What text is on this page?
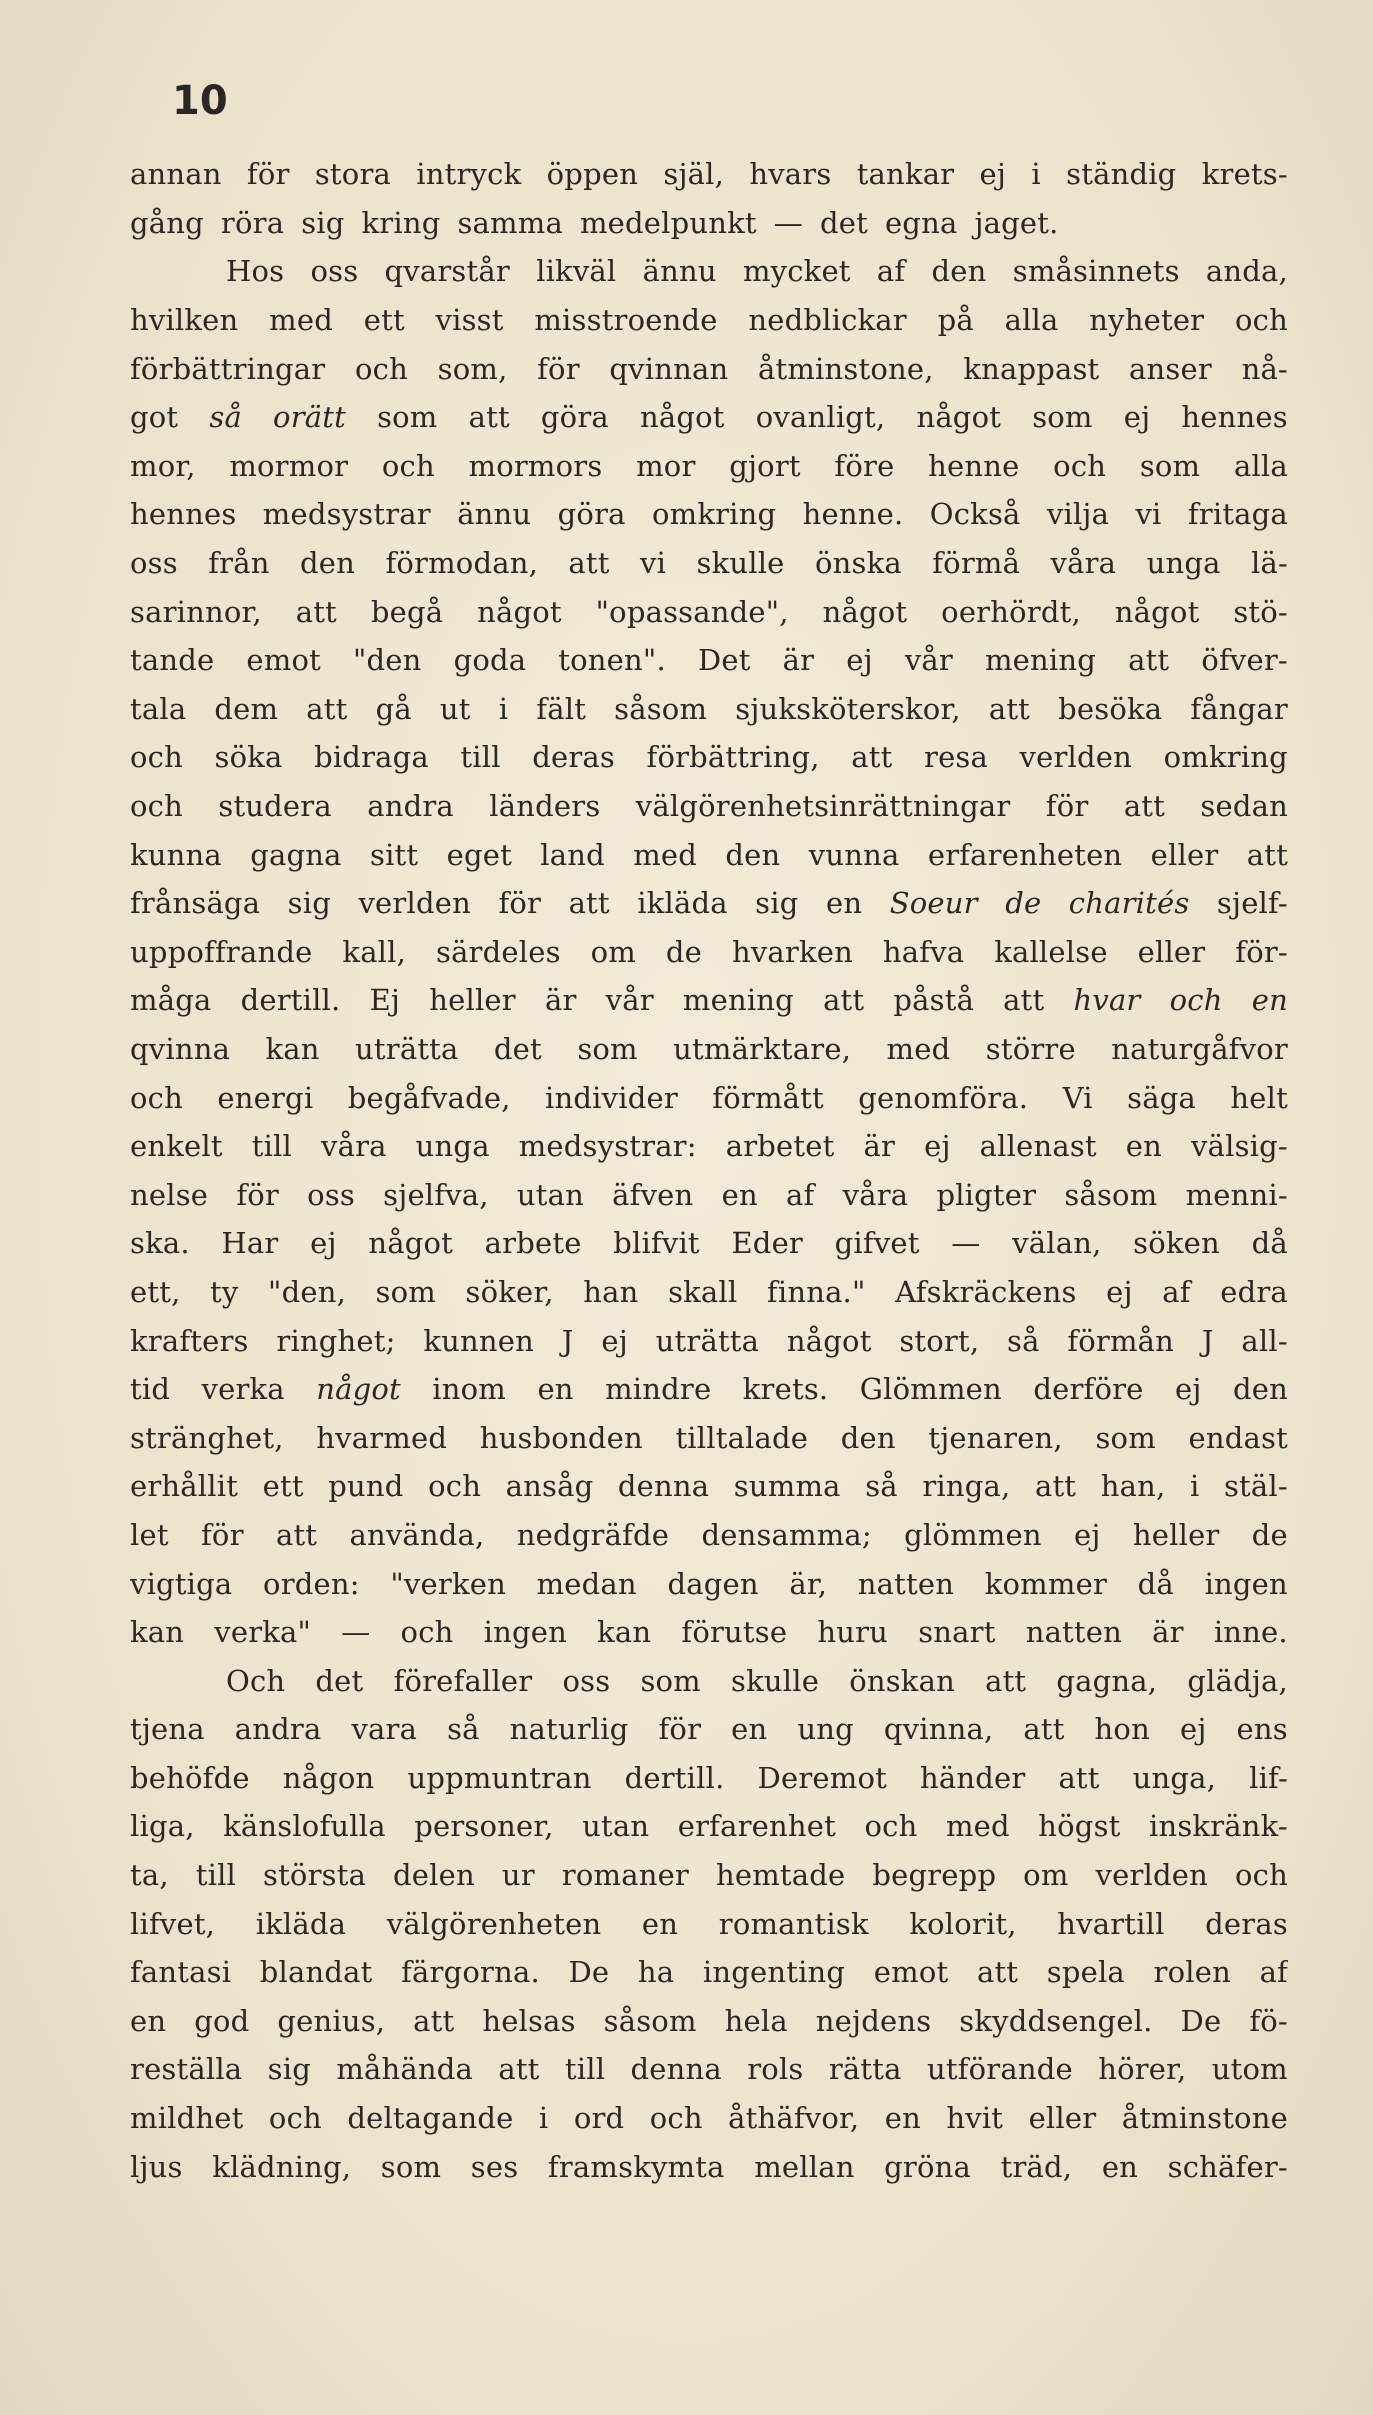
10
annan för stora intryck öppen själ, hvars tankar ej i ständig krets-
gång röra sig kring samma medelpunkt — det egna jaget.
Hos oss qvarstår likväl ännu mycket af den småsinnets anda,
hvilken med ett visst misstroende nedblickar på alla nyheter och
förbättringar och som, för qvinnan åtminstone, knappast anser nå-
got så orätt som att göra något ovanligt, något som ej hennes
mor, mormor och mormors mor gjort före henne och som alla
hennes medsystrar ännu göra omkring henne. Också vilja vi fritaga
oss från den förmodan, att vi skulle önska förmå våra unga lä-
sarinnor, att begå något "opassande", något oerhördt, något stö-
tande emot "den goda tonen". Det är ej vår mening att öfver-
tala dem att gå ut i fält såsom sjuksköterskor, att besöka fångar
och söka bidraga till deras förbättring, att resa verlden omkring
och studera andra länders välgörenhetsinrättningar för att sedan
kunna gagna sitt eget land med den vunna erfarenheten eller att
frånsäga sig verlden för att ikläda sig en Soeur de charités sjelf-
uppoffrande kall, särdeles om de hvarken hafva kallelse eller för-
måga dertill. Ej heller är vår mening att påstå att hvar och en
qvinna kan uträtta det som utmärktare, med större naturgåfvor
och energi begåfvade, individer förmått genomföra. Vi säga helt
enkelt till våra unga medsystrar: arbetet är ej allenast en välsig-
nelse för oss sjelfva, utan äfven en af våra pligter såsom menni-
ska. Har ej något arbete blifvit Eder gifvet — välan, söken då
ett, ty "den, som söker, han skall finna." Afskräckens ej af edra
krafters ringhet; kunnen J ej uträtta något stort, så förmån J all-
tid verka något inom en mindre krets. Glömmen derföre ej den
stränghet, hvarmed husbonden tilltalade den tjenaren, som endast
erhållit ett pund och ansåg denna summa så ringa, att han, i stäl-
let för att använda, nedgräfde densamma; glömmen ej heller de
vigtiga orden: "verken medan dagen är, natten kommer då ingen
kan verka" — och ingen kan förutse huru snart natten är inne.
Och det förefaller oss som skulle önskan att gagna, glädja,
tjena andra vara så naturlig för en ung qvinna, att hon ej ens
behöfde någon uppmuntran dertill. Deremot händer att unga, lif-
liga, känslofulla personer, utan erfarenhet och med högst inskränk-
ta, till största delen ur romaner hemtade begrepp om verlden och
lifvet, ikläda välgörenheten en romantisk kolorit, hvartill deras
fantasi blandat färgorna. De ha ingenting emot att spela rolen af
en god genius, att helsas såsom hela nejdens skyddsengel. De fö-
reställa sig måhända att till denna rols rätta utförande hörer, utom
mildhet och deltagande i ord och åthäfvor, en hvit eller åtminstone
ljus klädning, som ses framskymta mellan gröna träd, en schäfer-
